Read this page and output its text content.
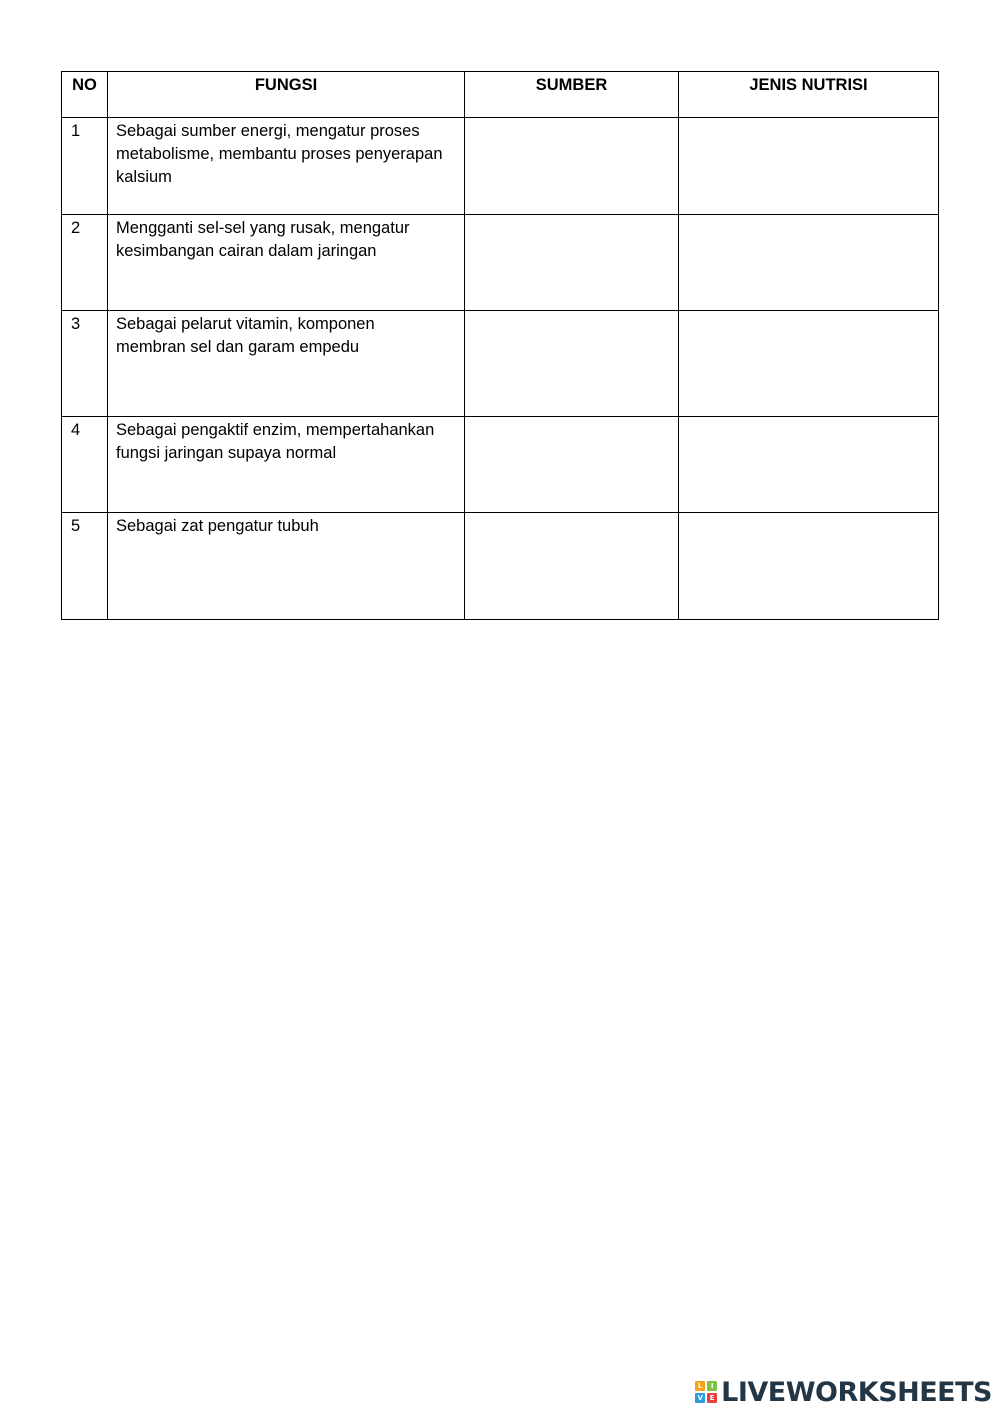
NO	FUNGSI	SUMBER	JENIS NUTRISI
1	Sebagai sumber energi, mengatur proses
metabolisme, membantu proses penyerapan
kalsium		

2	Mengganti sel-sel yang rusak, mengatur
kesimbangan cairan dalam jaringan		

3	Sebagai pelarut vitamin, komponen
membran sel dan garam empedu		

4	Sebagai pengaktif enzim, mempertahankan
fungsi jaringan supaya normal		

5	Sebagai zat pengatur tubuh		

L	I
V E LIVEWORKSHEETS
